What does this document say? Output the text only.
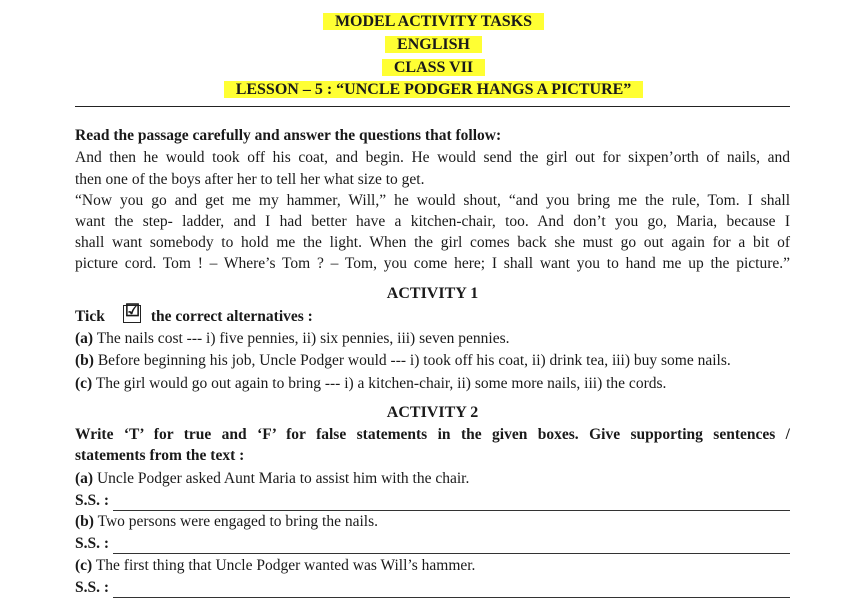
MODEL ACTIVITY TASKS
ENGLISH
CLASS VII
LESSON – 5 : “UNCLE PODGER HANGS A PICTURE”
Read the passage carefully and answer the questions that follow:
And then he would took off his coat, and begin. He would send the girl out for sixpen’orth of nails, and
then one of the boys after her to tell her what size to get.
“Now you go and get me my hammer, Will,” he would shout, “and you bring me the rule, Tom. I shall
want the step- ladder, and I had better have a kitchen-chair, too. And don’t you go, Maria, because I
shall want somebody to hold me the light. When the girl comes back she must go out again for a bit of
picture cord. Tom ! – Where’s Tom ? – Tom, you come here; I shall want you to hand me up the picture.”
ACTIVITY 1
Tick ☑ the correct alternatives :
(a) The nails cost --- i) five pennies, ii) six pennies, iii) seven pennies.
(b) Before beginning his job, Uncle Podger would --- i) took off his coat, ii) drink tea, iii) buy some nails.
(c) The girl would go out again to bring --- i) a kitchen-chair, ii) some more nails, iii) the cords.
ACTIVITY 2
Write ‘T’ for true and ‘F’ for false statements in the given boxes. Give supporting sentences /
statements from the text :
(a) Uncle Podger asked Aunt Maria to assist him with the chair.
S.S. :
(b) Two persons were engaged to bring the nails.
S.S. :
(c) The first thing that Uncle Podger wanted was Will’s hammer.
S.S. :
